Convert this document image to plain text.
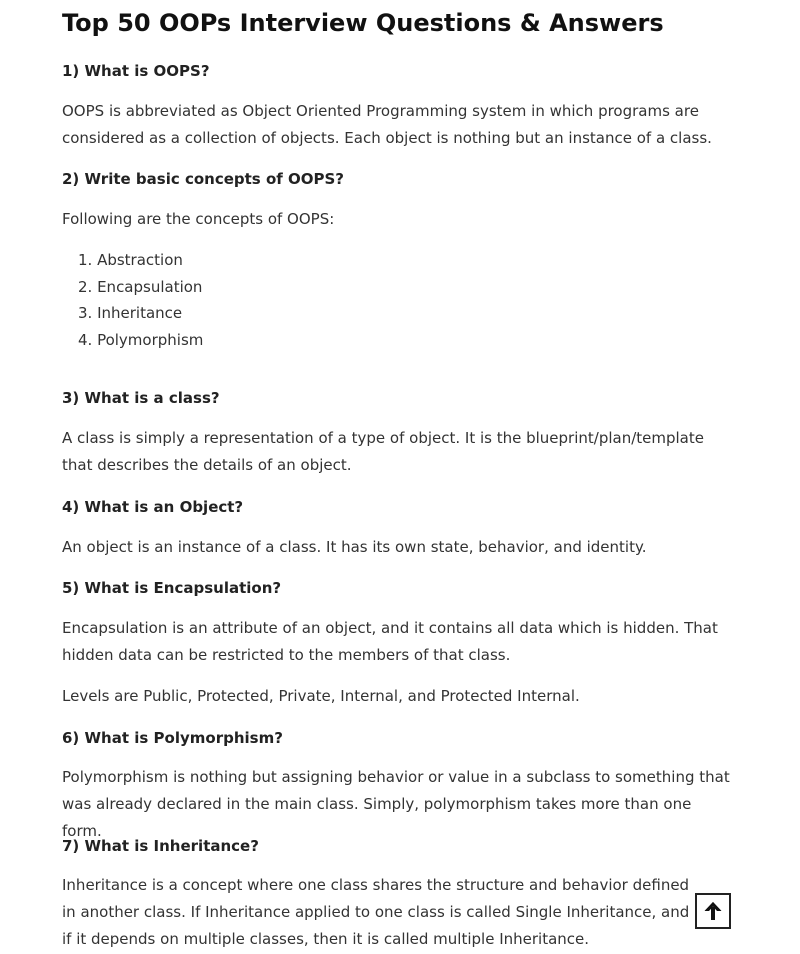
Top 50 OOPs Interview Questions & Answers
1) What is OOPS?

OOPS is abbreviated as Object Oriented Programming system in which programs are considered as a collection of objects. Each object is nothing but an instance of a class.

2) Write basic concepts of OOPS?

Following are the concepts of OOPS:

1. Abstraction
2. Encapsulation
3. Inheritance
4. Polymorphism
3) What is a class?

A class is simply a representation of a type of object. It is the blueprint/plan/template that describes the details of an object.

4) What is an Object?

An object is an instance of a class. It has its own state, behavior, and identity.

5) What is Encapsulation?

Encapsulation is an attribute of an object, and it contains all data which is hidden. That hidden data can be restricted to the members of that class.

Levels are Public, Protected, Private, Internal, and Protected Internal.

6) What is Polymorphism?

Polymorphism is nothing but assigning behavior or value in a subclass to something that was already declared in the main class. Simply, polymorphism takes more than one form.

7) What is Inheritance?

Inheritance is a concept where one class shares the structure and behavior defined in another class. If Inheritance applied to one class is called Single Inheritance, and if it depends on multiple classes, then it is called multiple Inheritance.
